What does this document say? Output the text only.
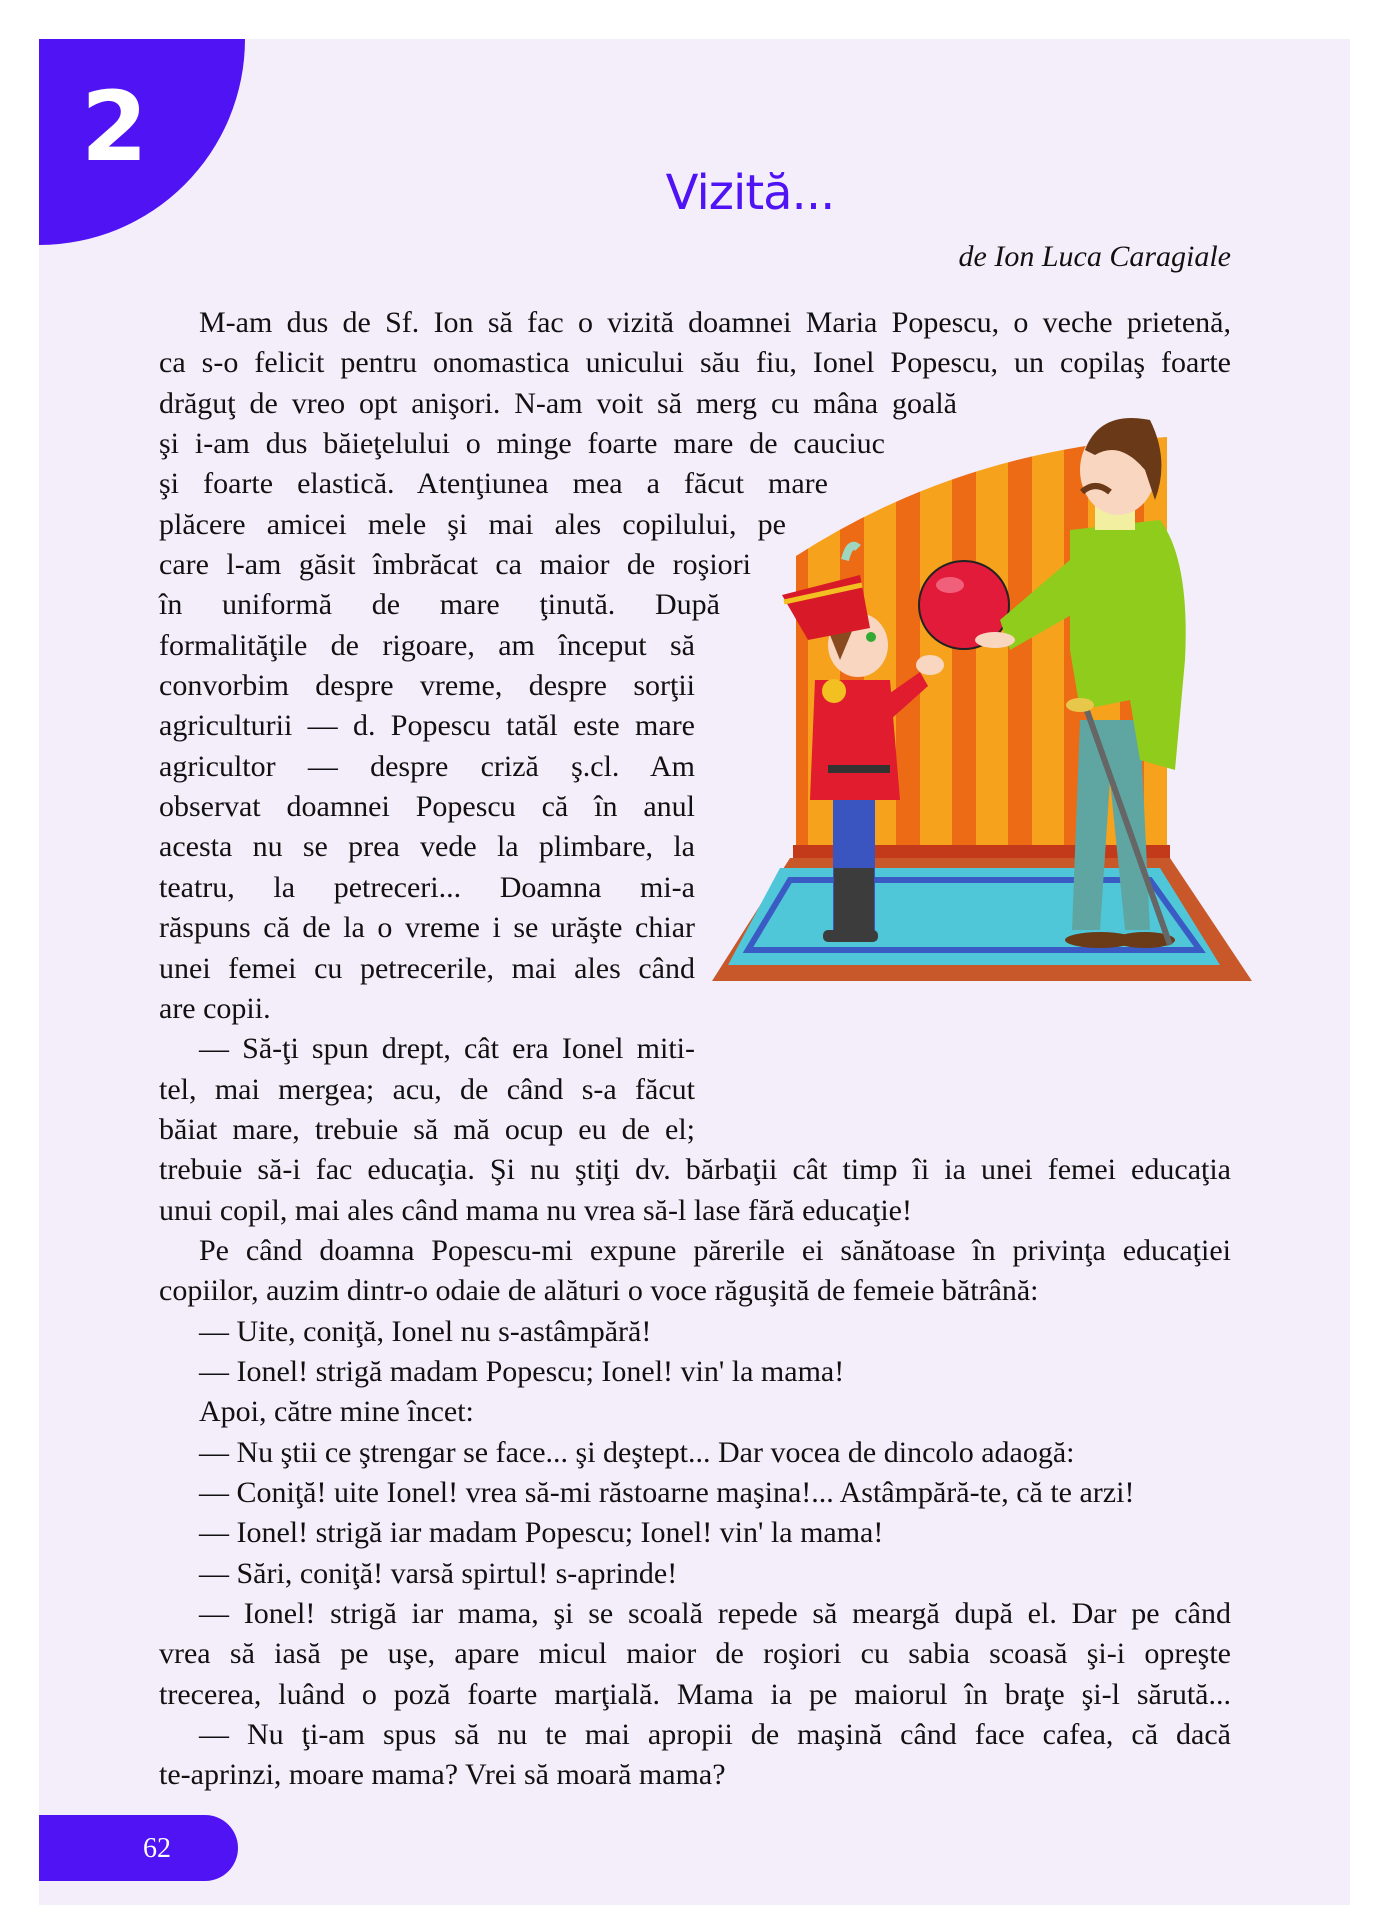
2
Vizită...
de Ion Luca Caragiale
M-am dus de Sf. Ion să fac o vizită doamnei Maria Popescu, o veche prietenă,
ca s-o felicit pentru onomastica unicului său fiu, Ionel Popescu, un copilaş foarte
drăguţ de vreo opt anişori. N-am voit să merg cu mâna goală
şi i-am dus băieţelului o minge foarte mare de cauciuc
şi foarte elastică. Atenţiunea mea a făcut mare
plăcere amicei mele şi mai ales copilului, pe
care l-am găsit îmbrăcat ca maior de roşiori
în uniformă de mare ţinută. După
formalităţile de rigoare, am început să
convorbim despre vreme, despre sorţii
agriculturii — d. Popescu tatăl este mare
agricultor — despre criză ş.cl. Am
observat doamnei Popescu că în anul
acesta nu se prea vede la plimbare, la
teatru, la petreceri... Doamna mi-a
răspuns că de la o vreme i se urăşte chiar
unei femei cu petrecerile, mai ales când
are copii.
— Să-ţi spun drept, cât era Ionel miti-
tel, mai mergea; acu, de când s-a făcut
băiat mare, trebuie să mă ocup eu de el;
trebuie să-i fac educaţia. Şi nu ştiţi dv. bărbaţii cât timp îi ia unei femei educaţia
unui copil, mai ales când mama nu vrea să-l lase fără educaţie!
Pe când doamna Popescu-mi expune părerile ei sănătoase în privinţa educaţiei
copiilor, auzim dintr-o odaie de alături o voce răguşită de femeie bătrână:
— Uite, coniţă, Ionel nu s-astâmpără!
— Ionel! strigă madam Popescu; Ionel! vin' la mama!
Apoi, către mine încet:
— Nu ştii ce ştrengar se face... şi deştept... Dar vocea de dincolo adaogă:
— Coniţă! uite Ionel! vrea să-mi răstoarne maşina!... Astâmpără-te, că te arzi!
— Ionel! strigă iar madam Popescu; Ionel! vin' la mama!
— Sări, coniţă! varsă spirtul! s-aprinde!
— Ionel! strigă iar mama, şi se scoală repede să meargă după el. Dar pe când
vrea să iasă pe uşe, apare micul maior de roşiori cu sabia scoasă şi-i opreşte
trecerea, luând o poză foarte marţială. Mama ia pe maiorul în braţe şi-l sărută...
— Nu ţi-am spus să nu te mai apropii de maşină când face cafea, că dacă
te-aprinzi, moare mama? Vrei să moară mama?
62
